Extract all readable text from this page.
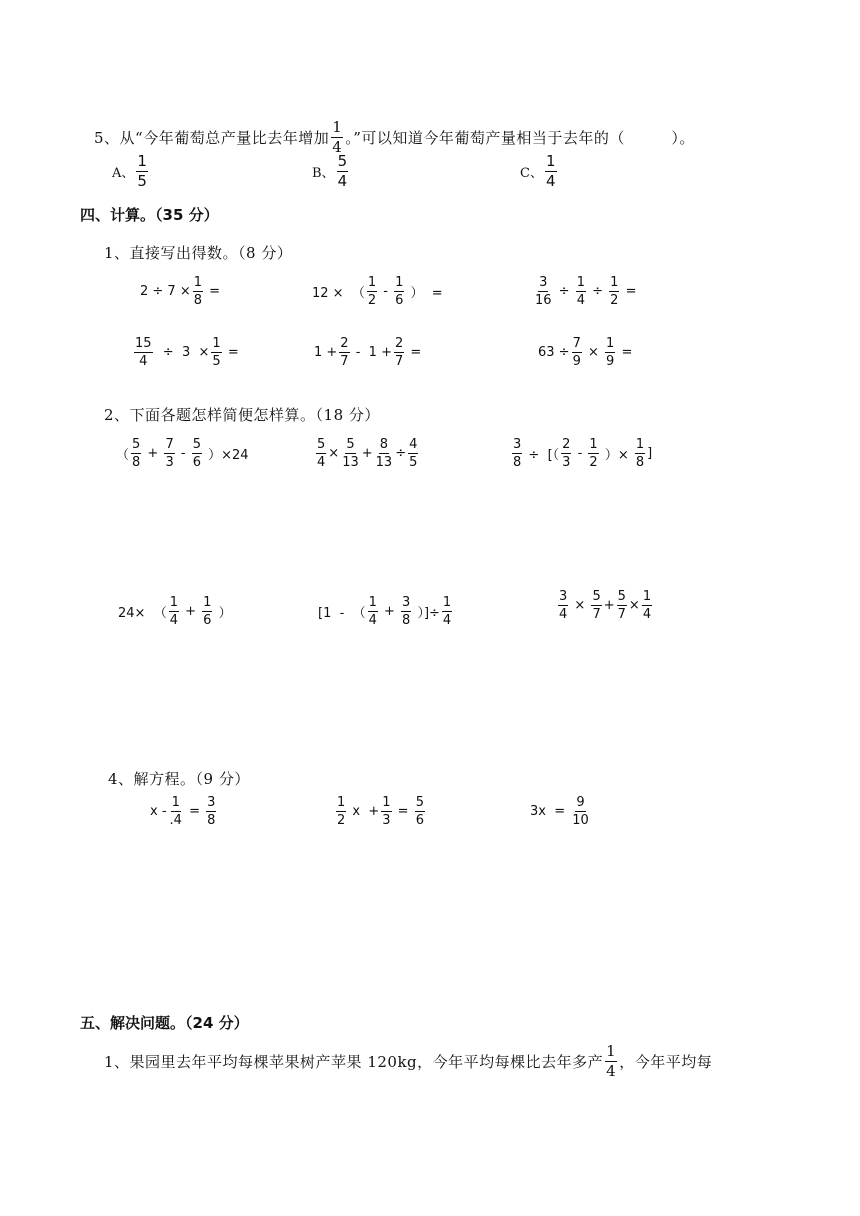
5、从“今年葡萄总产量比去年增加 $\frac{1}{4}$ 。”可以知道今年葡萄产量相当于去年的（　　　）。
A、 $\frac{1}{5}$	B、 $\frac{5}{4}$	C、 $\frac{1}{4}$
四、计算。（35 分）
1、直接写出得数。（8 分）
$2 \div 7 \times \frac{1}{8}$ =	12 ×  （ $\frac{1}{2} - \frac{1}{6}$ ）  =	$\frac{3}{16} \div \frac{1}{4} \div \frac{1}{2}$ =
$\frac{15}{4} \div 3 \times \frac{1}{5}$ =	$1 + \frac{2}{7} - 1 + \frac{2}{7}$ =	$63 \div \frac{7}{9} \times \frac{1}{9}$ =
2、下面各题怎样简便怎样算。（18 分）
（ $\frac{5}{8} + \frac{7}{3} - \frac{5}{6} )\times 24$	$\frac{5}{4} \times \frac{5}{13} + \frac{8}{13} \div \frac{4}{5}$	$\frac{3}{8}$ ÷  [（ $\frac{2}{3} - \frac{1}{2}$ ）× $\frac{1}{8}$ ]
24×  （ $\frac{1}{4} + \frac{1}{6}$ ）	[1  -  （ $\frac{1}{4} + \frac{3}{8}$ ）]÷ $\frac{1}{4}$	$\frac{3}{4} \times \frac{5}{7} + \frac{5}{7} \times \frac{1}{4}$
4、解方程。（9 分）
$x - \frac{1}{.4} = \frac{3}{8}$	$\frac{1}{2}$ $x + \frac{1}{3} = \frac{5}{6}$	$3x = \frac{9}{10}$
五、解决问题。（24 分）
1、果园里去年平均每棵苹果树产苹果 120kg，今年平均每棵比去年多产 $\frac{1}{4}$ ，今年平均每
